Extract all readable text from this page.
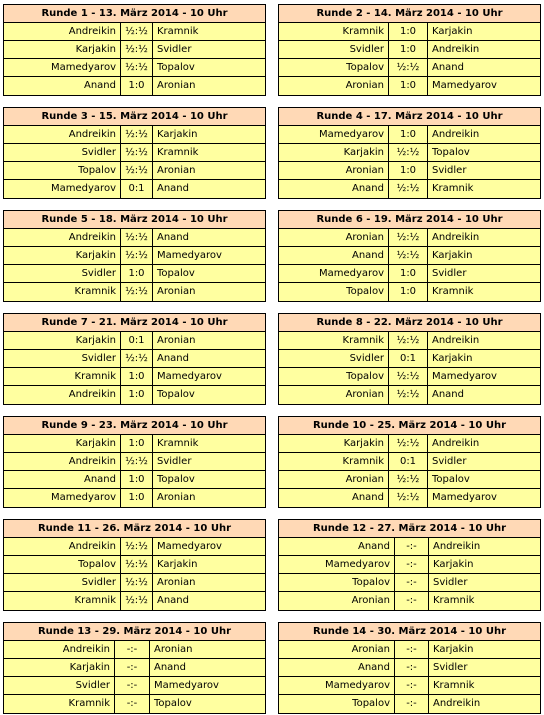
Runde 1 - 13. März 2014 - 10 Uhr
Andreikin ½:½ Kramnik
Karjakin ½:½ Svidler
Mamedyarov ½:½ Topalov
Anand	1:0	Aronian
Runde 2 - 14. März 2014 - 10 Uhr
Kramnik	1:0	Karjakin
Svidler	1:0	Andreikin
Topalov	½:½	Anand
Aronian	1:0	Mamedyarov
Runde 3 - 15. März 2014 - 10 Uhr
Andreikin ½:½ Karjakin
Svidler ½:½ Kramnik
Topalov ½:½ Aronian
Mamedyarov	0:1	Anand
Runde 4 - 17. März 2014 - 10 Uhr
Mamedyarov	1:0	Andreikin
Karjakin	½:½	Topalov
Aronian	1:0	Svidler
Anand	½:½	Kramnik
Runde 5 - 18. März 2014 - 10 Uhr
Andreikin ½:½ Anand
Karjakin ½:½ Mamedyarov
Svidler	1:0	Topalov
Kramnik ½:½ Aronian
Runde 6 - 19. März 2014 - 10 Uhr
Aronian	½:½	Andreikin
Anand	½:½	Karjakin
Mamedyarov	1:0	Svidler
Topalov	1:0	Kramnik
Runde 7 - 21. März 2014 - 10 Uhr
Karjakin	0:1	Aronian
Svidler ½:½ Anand
Kramnik	1:0	Mamedyarov
Andreikin	1:0	Topalov
Runde 8 - 22. März 2014 - 10 Uhr
Kramnik	½:½	Andreikin
Svidler	0:1	Karjakin
Topalov	½:½	Mamedyarov
Aronian	½:½	Anand
Runde 9 - 23. März 2014 - 10 Uhr
Karjakin	1:0	Kramnik
Andreikin ½:½ Svidler
Anand	1:0	Topalov
Mamedyarov	1:0	Aronian
Runde 10 - 25. März 2014 - 10 Uhr
Karjakin	½:½	Andreikin
Kramnik	0:1	Svidler
Aronian	½:½	Topalov
Anand	½:½	Mamedyarov
Runde 11 - 26. März 2014 - 10 Uhr
Andreikin ½:½ Mamedyarov
Topalov ½:½ Karjakin
Svidler ½:½ Aronian
Kramnik ½:½ Anand
Runde 12 - 27. März 2014 - 10 Uhr
Anand	-:-	Andreikin
Mamedyarov	-:-	Karjakin
Topalov	-:-	Svidler
Aronian	-:-	Kramnik
Runde 13 - 29. März 2014 - 10 Uhr
Andreikin	-:-	Aronian
Karjakin	-:-	Anand
Svidler	-:-	Mamedyarov
Kramnik	-:-	Topalov
Runde 14 - 30. März 2014 - 10 Uhr
Aronian	-:-	Karjakin
Anand	-:-	Svidler
Mamedyarov	-:-	Kramnik
Topalov	-:-	Andreikin
